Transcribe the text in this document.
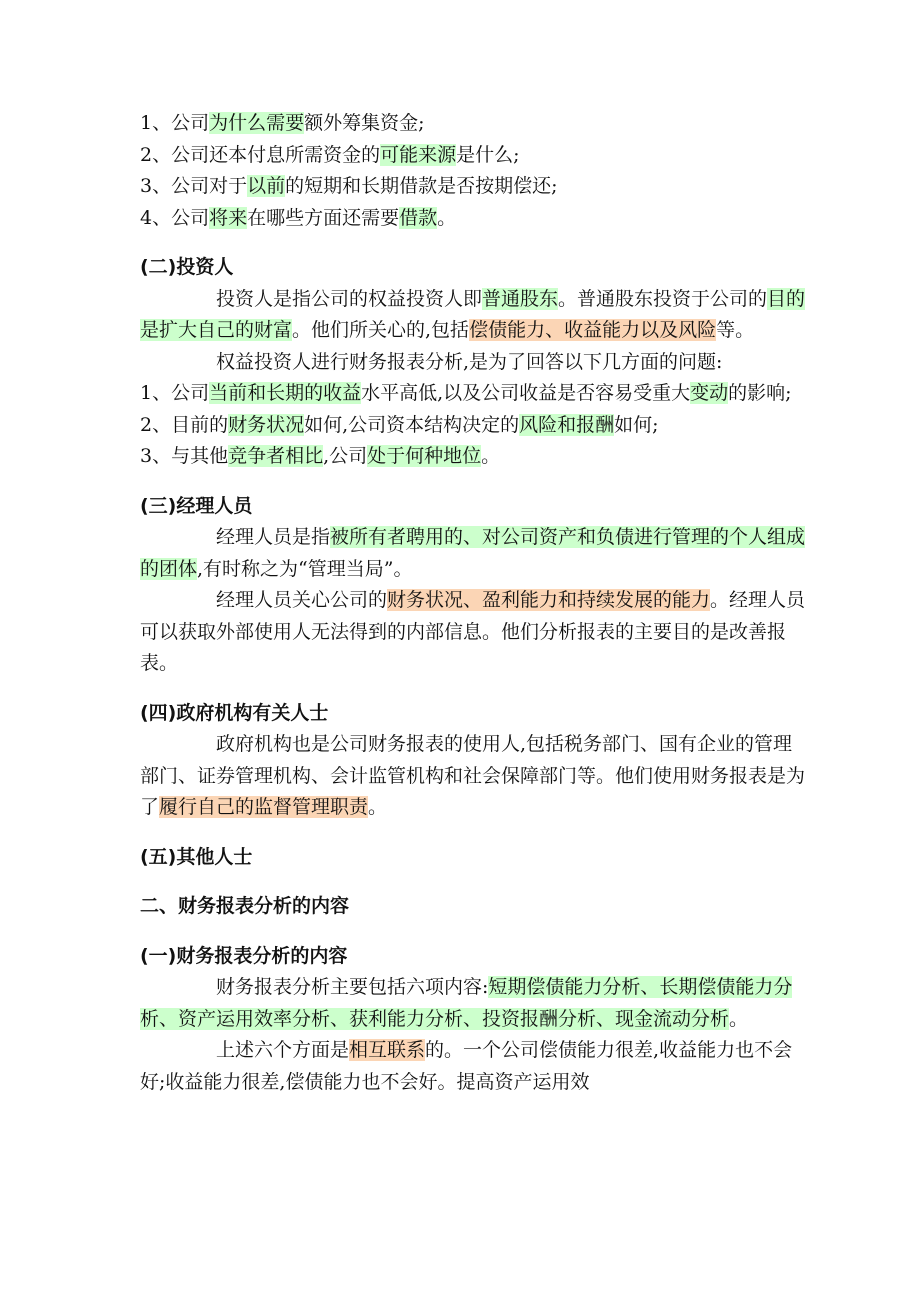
1、公司为什么需要额外筹集资金;

2、公司还本付息所需资金的可能来源是什么;

3、公司对于以前的短期和长期借款是否按期偿还;

4、公司将来在哪些方面还需要借款。

(二)投资人

投资人是指公司的权益投资人即普通股东。普通股东投资于公司的目的是扩大自己的财富。他们所关心的,包括偿债能力、收益能力以及风险等。

权益投资人进行财务报表分析,是为了回答以下几方面的问题:

1、公司当前和长期的收益水平高低,以及公司收益是否容易受重大变动的影响;

2、目前的财务状况如何,公司资本结构决定的风险和报酬如何;

3、与其他竞争者相比,公司处于何种地位。

(三)经理人员

经理人员是指被所有者聘用的、对公司资产和负债进行管理的个人组成的团体,有时称之为“管理当局”。

经理人员关心公司的财务状况、盈利能力和持续发展的能力。经理人员可以获取外部使用人无法得到的内部信息。他们分析报表的主要目的是改善报表。

(四)政府机构有关人士

政府机构也是公司财务报表的使用人,包括税务部门、国有企业的管理部门、证券管理机构、会计监管机构和社会保障部门等。他们使用财务报表是为了履行自己的监督管理职责。

(五)其他人士

二、财务报表分析的内容

(一)财务报表分析的内容

财务报表分析主要包括六项内容:短期偿债能力分析、长期偿债能力分析、资产运用效率分析、获利能力分析、投资报酬分析、现金流动分析。

上述六个方面是相互联系的。一个公司偿债能力很差,收益能力也不会好;收益能力很差,偿债能力也不会好。提高资产运用效
